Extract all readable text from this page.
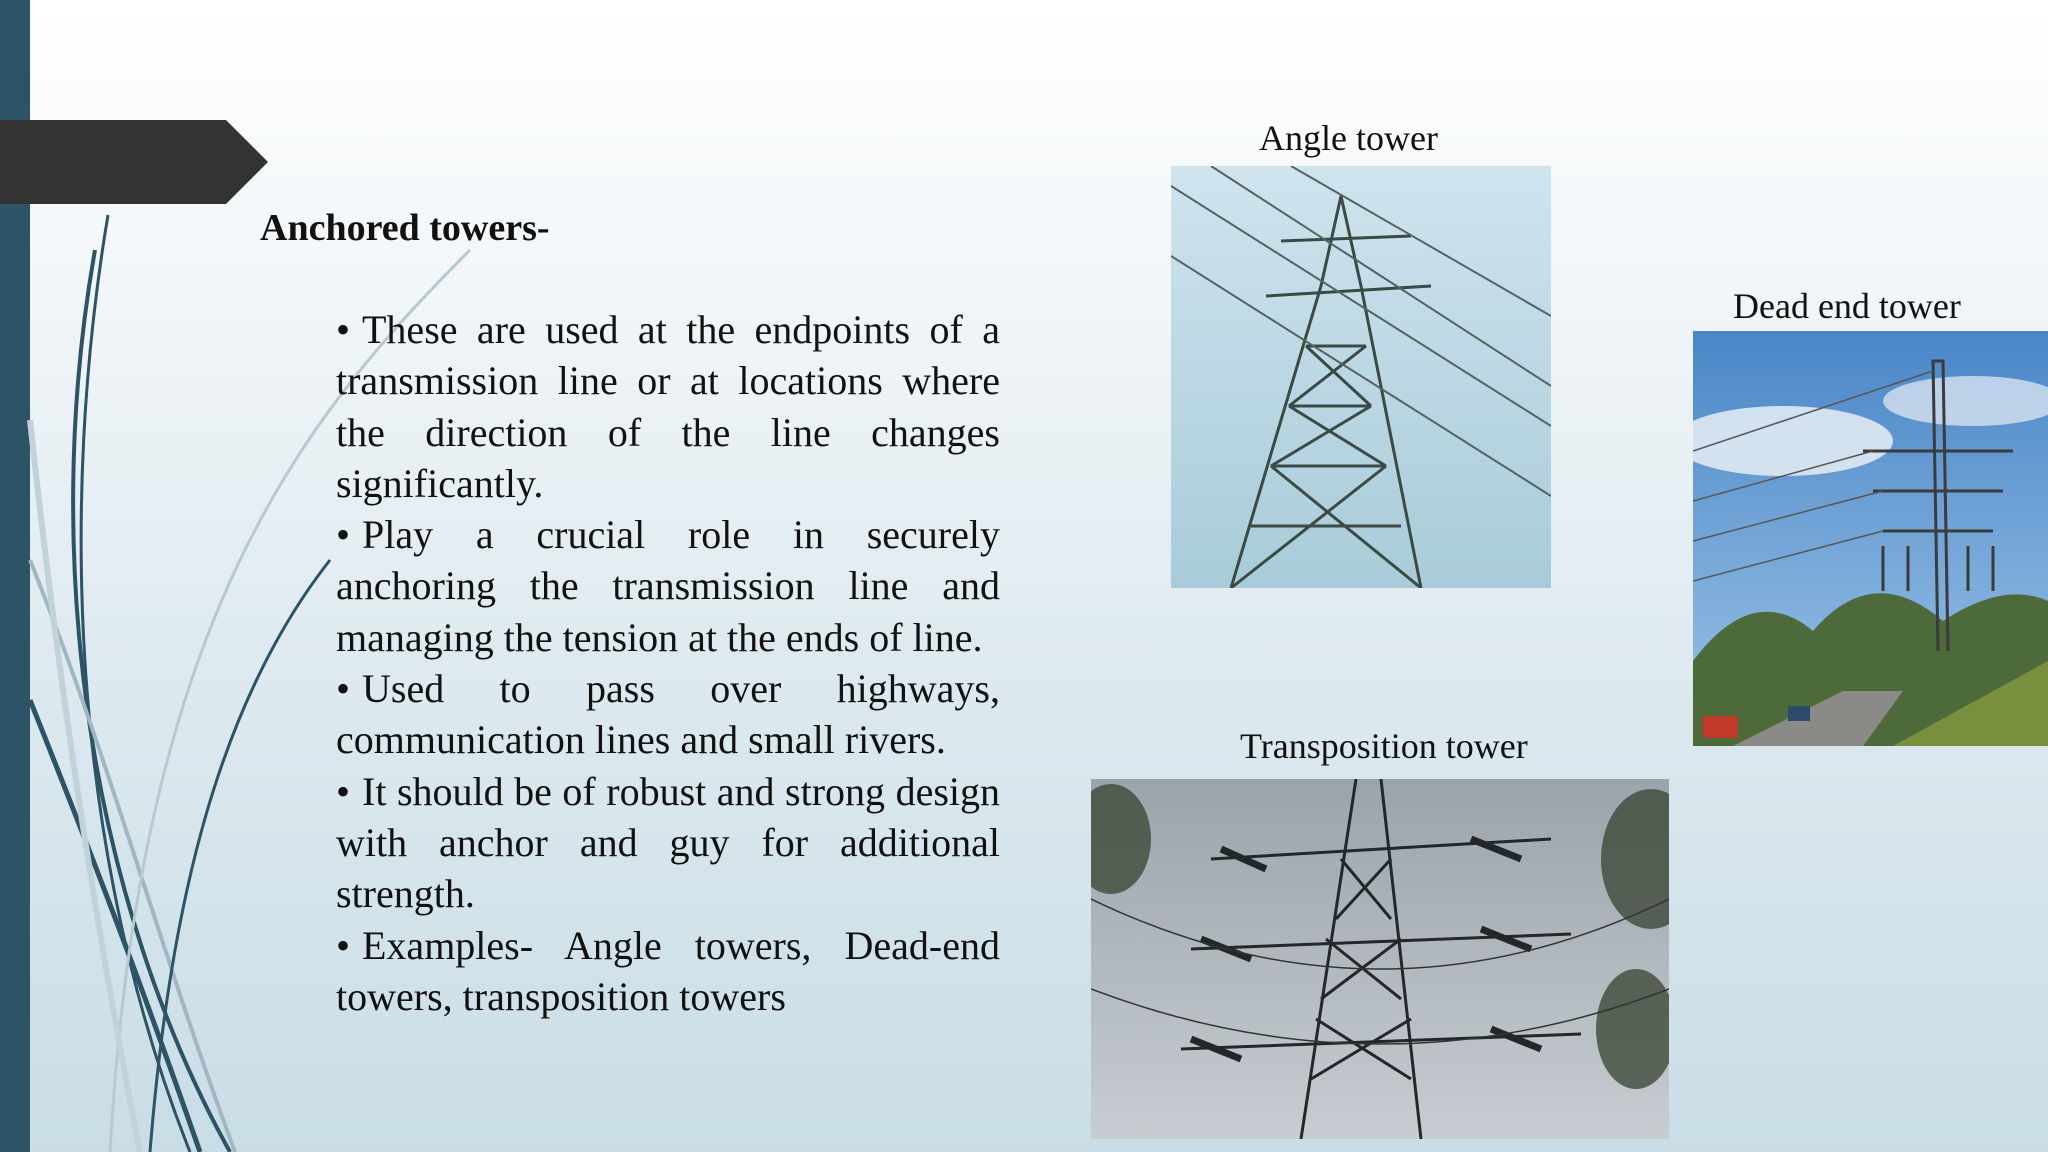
Anchored towers-
• These are used at the endpoints of a transmission line or at locations where the direction of the line changes significantly.
• Play a crucial role in securely anchoring the transmission line and managing the tension at the ends of line.
• Used to pass over highways, communication lines and small rivers.
• It should be of robust and strong design with anchor and guy for additional strength.
• Examples- Angle towers, Dead-end towers, transposition towers
Angle tower
Dead end tower
Transposition tower
